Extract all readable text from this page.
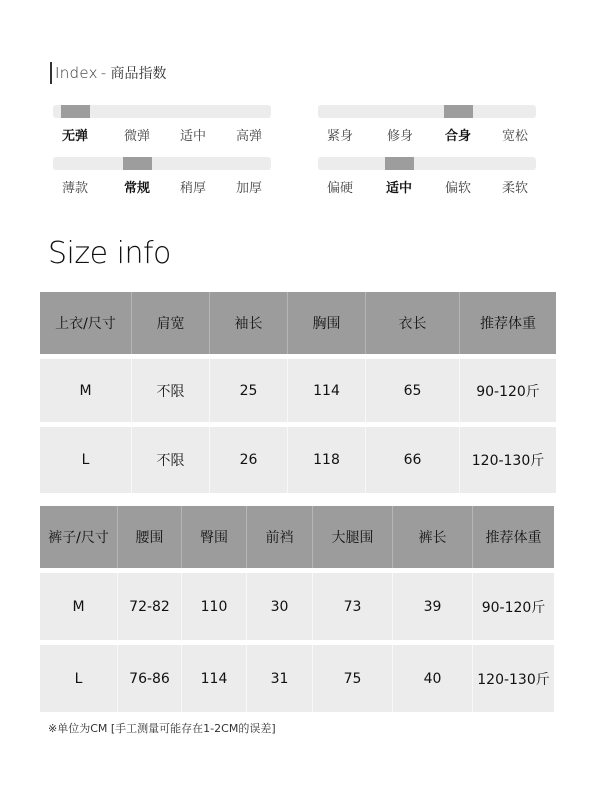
Index - 商品指数
无弹	微弹	适中	高弹	紧身	修身	合身	宽松
薄款	常规	稍厚	加厚	偏硬	适中	偏软	柔软
Size info
上衣/尺寸	肩宽	袖长	胸围	衣长	推荐体重

M	不限	25	114	65	90-120斤

L	不限	26	118	66	120-130斤
裤子/尺寸	腰围	臀围	前裆	大腿围	裤长	推荐体重

M	72-82	110	30	73	39	90-120斤

L	76-86	114	31	75	40	120-130斤
※单位为CM [手工测量可能存在1-2CM的误差]
